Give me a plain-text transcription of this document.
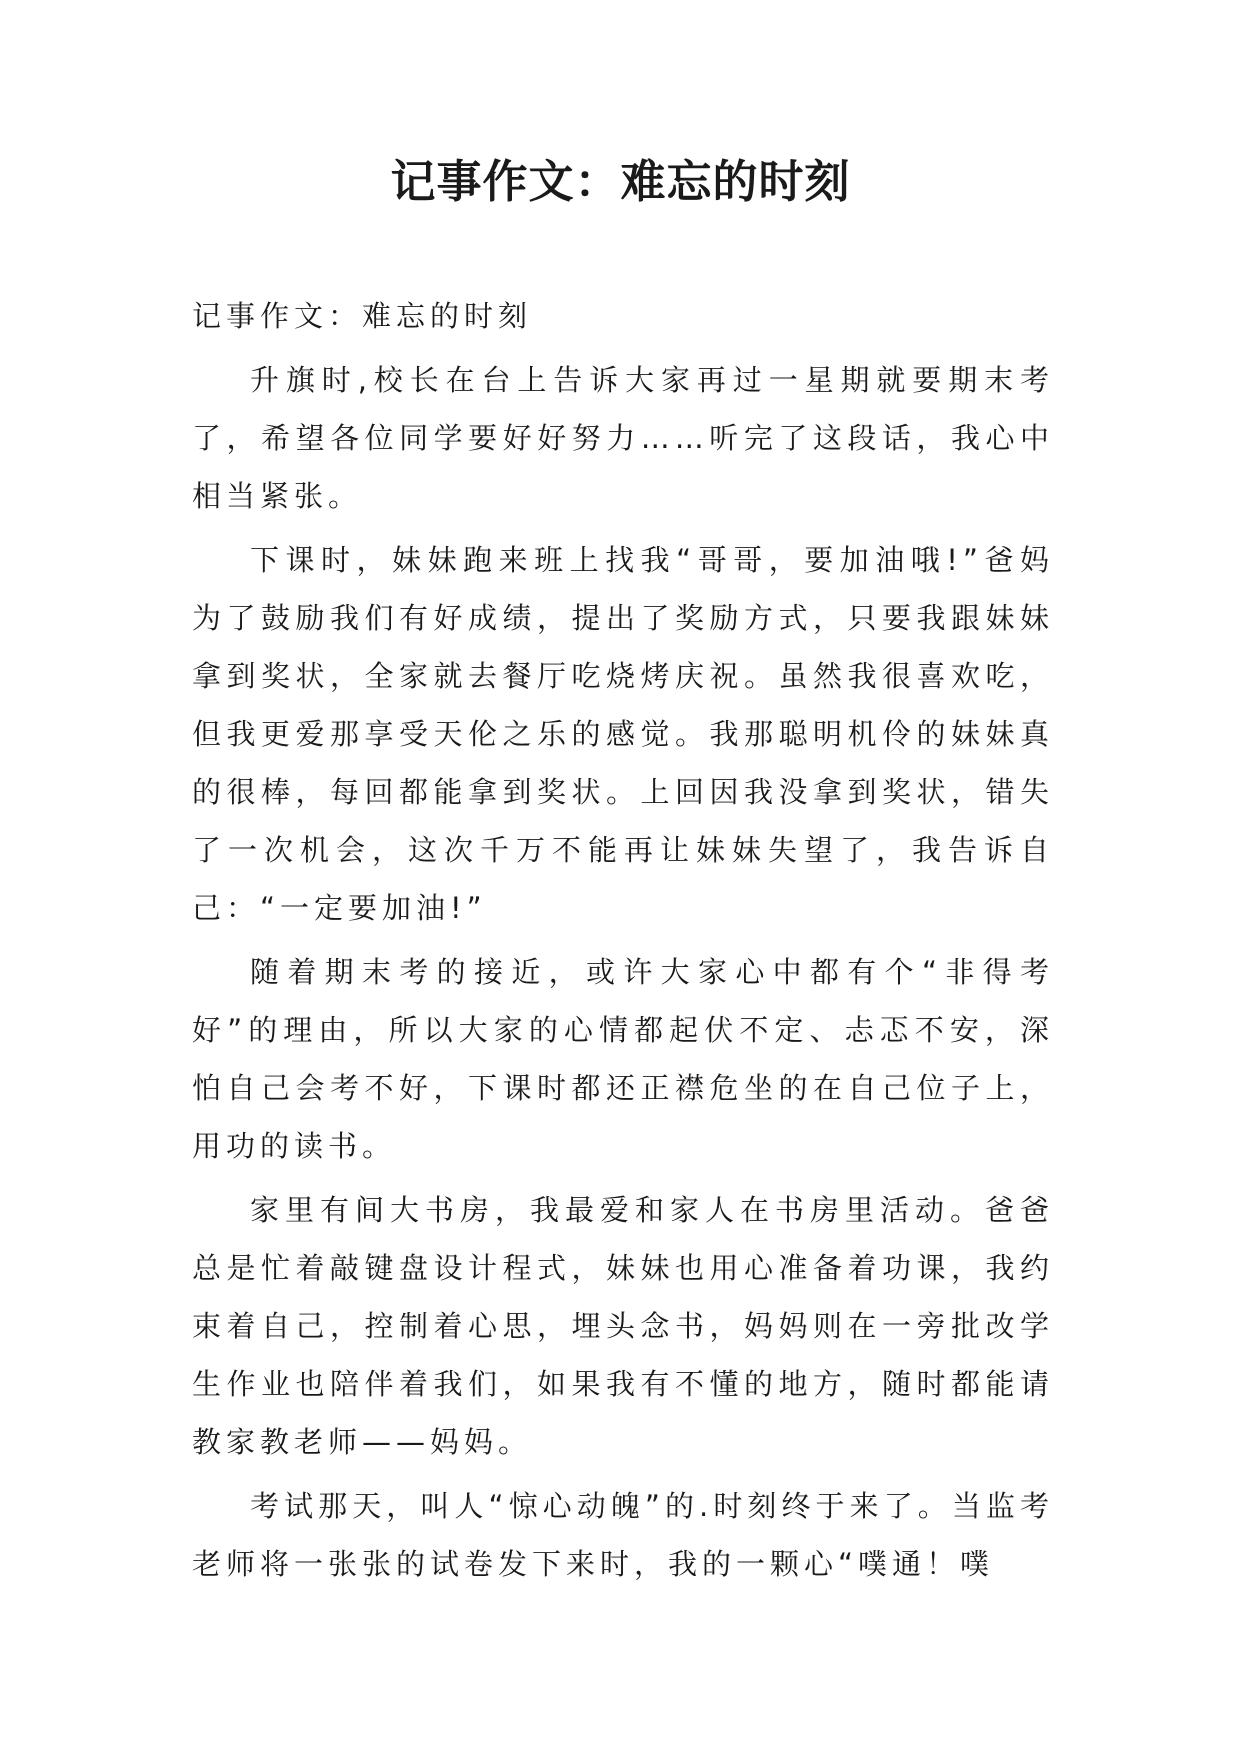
记事作文：难忘的时刻

记事作文：难忘的时刻

升旗时,校长在台上告诉大家再过一星期就要期末考了，希望各位同学要好好努力……听完了这段话，我心中相当紧张。

下课时，妹妹跑来班上找我“哥哥，要加油哦!”爸妈为了鼓励我们有好成绩，提出了奖励方式，只要我跟妹妹拿到奖状，全家就去餐厅吃烧烤庆祝。虽然我很喜欢吃，但我更爱那享受天伦之乐的感觉。我那聪明机伶的妹妹真的很棒，每回都能拿到奖状。上回因我没拿到奖状，错失了一次机会，这次千万不能再让妹妹失望了，我告诉自己：“一定要加油!”

随着期末考的接近，或许大家心中都有个“非得考好”的理由，所以大家的心情都起伏不定、忐忑不安，深怕自己会考不好，下课时都还正襟危坐的在自己位子上，用功的读书。

家里有间大书房，我最爱和家人在书房里活动。爸爸总是忙着敲键盘设计程式，妹妹也用心准备着功课，我约束着自己，控制着心思，埋头念书，妈妈则在一旁批改学生作业也陪伴着我们，如果我有不懂的地方，随时都能请教家教老师——妈妈。

考试那天，叫人“惊心动魄”的.时刻终于来了。当监考老师将一张张的试卷发下来时，我的一颗心“噗通！噗
